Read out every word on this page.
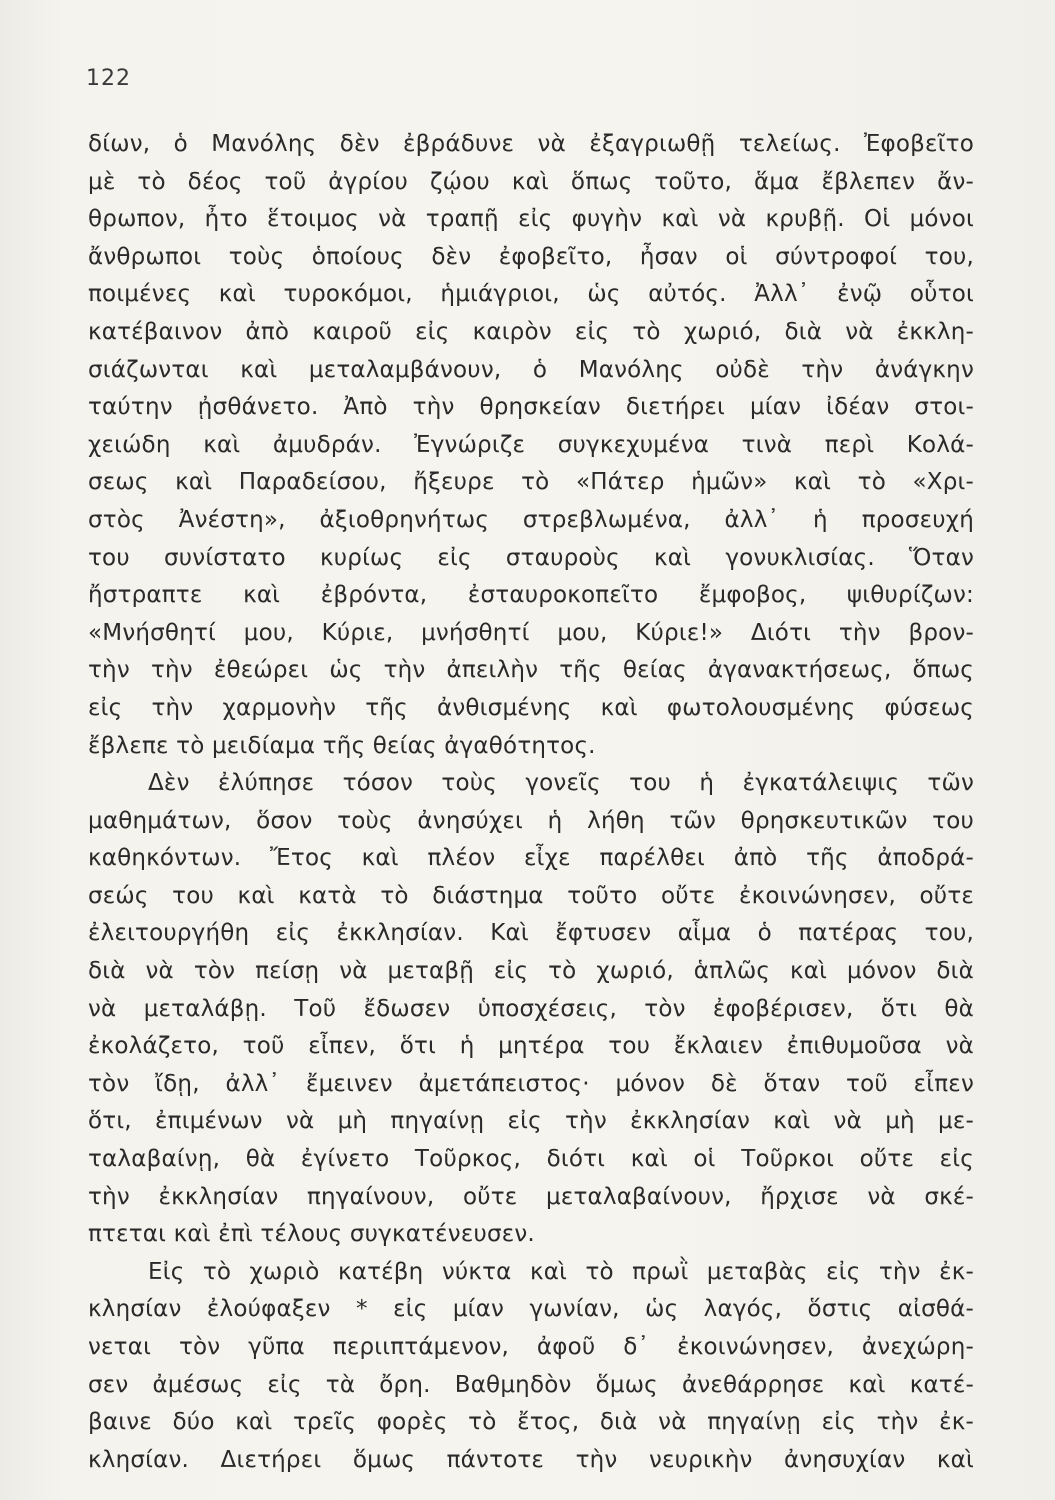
122
δίων, ὁ Μανόλης δὲν ἐβράδυνε νὰ ἐξαγριωθῇ τελείως. Ἐφοβεῖτο
μὲ τὸ δέος τοῦ ἀγρίου ζῴου καὶ ὅπως τοῦτο, ἅμα ἔβλεπεν ἄν-
θρωπον, ἦτο ἕτοιμος νὰ τραπῇ εἰς φυγὴν καὶ νὰ κρυβῇ. Οἱ μόνοι
ἄνθρωποι τοὺς ὁποίους δὲν ἐφοβεῖτο, ἦσαν οἱ σύντροφοί του,
ποιμένες καὶ τυροκόμοι, ἡμιάγριοι, ὡς αὐτός. Ἀλλ᾽ ἐνῷ οὗτοι
κατέβαινον ἀπὸ καιροῦ εἰς καιρὸν εἰς τὸ χωριό, διὰ νὰ ἐκκλη-
σιάζωνται καὶ μεταλαμβάνουν, ὁ Μανόλης οὐδὲ τὴν ἀνάγκην
ταύτην ᾐσθάνετο. Ἀπὸ τὴν θρησκείαν διετήρει μίαν ἰδέαν στοι-
χειώδη καὶ ἀμυδράν. Ἐγνώριζε συγκεχυμένα τινὰ περὶ Κολά-
σεως καὶ Παραδείσου, ἤξευρε τὸ «Πάτερ ἡμῶν» καὶ τὸ «Χρι-
στὸς Ἀνέστη», ἀξιοθρηνήτως στρεβλωμένα, ἀλλ᾽ ἡ προσευχή
του συνίστατο κυρίως εἰς σταυροὺς καὶ γονυκλισίας. Ὅταν
ἤστραπτε καὶ ἐβρόντα, ἐσταυροκοπεῖτο ἔμφοβος, ψιθυρίζων:
«Μνήσθητί μου, Κύριε, μνήσθητί μου, Κύριε!» Διότι τὴν βρον-
τὴν τὴν ἐθεώρει ὡς τὴν ἀπειλὴν τῆς θείας ἀγανακτήσεως, ὅπως
εἰς τὴν χαρμονὴν τῆς ἀνθισμένης καὶ φωτολουσμένης φύσεως
ἔβλεπε τὸ μειδίαμα τῆς θείας ἀγαθότητος.
Δὲν ἐλύπησε τόσον τοὺς γονεῖς του ἡ ἐγκατάλειψις τῶν
μαθημάτων, ὅσον τοὺς ἀνησύχει ἡ λήθη τῶν θρησκευτικῶν του
καθηκόντων. Ἔτος καὶ πλέον εἶχε παρέλθει ἀπὸ τῆς ἀποδρά-
σεώς του καὶ κατὰ τὸ διάστημα τοῦτο οὔτε ἐκοινώνησεν, οὔτε
ἐλειτουργήθη εἰς ἐκκλησίαν. Καὶ ἔφτυσεν αἷμα ὁ πατέρας του,
διὰ νὰ τὸν πείσῃ νὰ μεταβῇ εἰς τὸ χωριό, ἁπλῶς καὶ μόνον διὰ
νὰ μεταλάβῃ. Τοῦ ἔδωσεν ὑποσχέσεις, τὸν ἐφοβέρισεν, ὅτι θὰ
ἐκολάζετο, τοῦ εἶπεν, ὅτι ἡ μητέρα του ἔκλαιεν ἐπιθυμοῦσα νὰ
τὸν ἴδῃ, ἀλλ᾽ ἔμεινεν ἀμετάπειστος· μόνον δὲ ὅταν τοῦ εἶπεν
ὅτι, ἐπιμένων νὰ μὴ πηγαίνῃ εἰς τὴν ἐκκλησίαν καὶ νὰ μὴ με-
ταλαβαίνῃ, θὰ ἐγίνετο Τοῦρκος, διότι καὶ οἱ Τοῦρκοι οὔτε εἰς
τὴν ἐκκλησίαν πηγαίνουν, οὔτε μεταλαβαίνουν, ἤρχισε νὰ σκέ-
πτεται καὶ ἐπὶ τέλους συγκατένευσεν.
Εἰς τὸ χωριὸ κατέβη νύκτα καὶ τὸ πρωῒ μεταβὰς εἰς τὴν ἐκ-
κλησίαν ἐλούφαξεν * εἰς μίαν γωνίαν, ὡς λαγός, ὅστις αἰσθά-
νεται τὸν γῦπα περιιπτάμενον, ἀφοῦ δ᾽ ἐκοινώνησεν, ἀνεχώρη-
σεν ἀμέσως εἰς τὰ ὄρη. Βαθμηδὸν ὅμως ἀνεθάρρησε καὶ κατέ-
βαινε δύο καὶ τρεῖς φορὲς τὸ ἔτος, διὰ νὰ πηγαίνῃ εἰς τὴν ἐκ-
κλησίαν. Διετήρει ὅμως πάντοτε τὴν νευρικὴν ἀνησυχίαν καὶ
